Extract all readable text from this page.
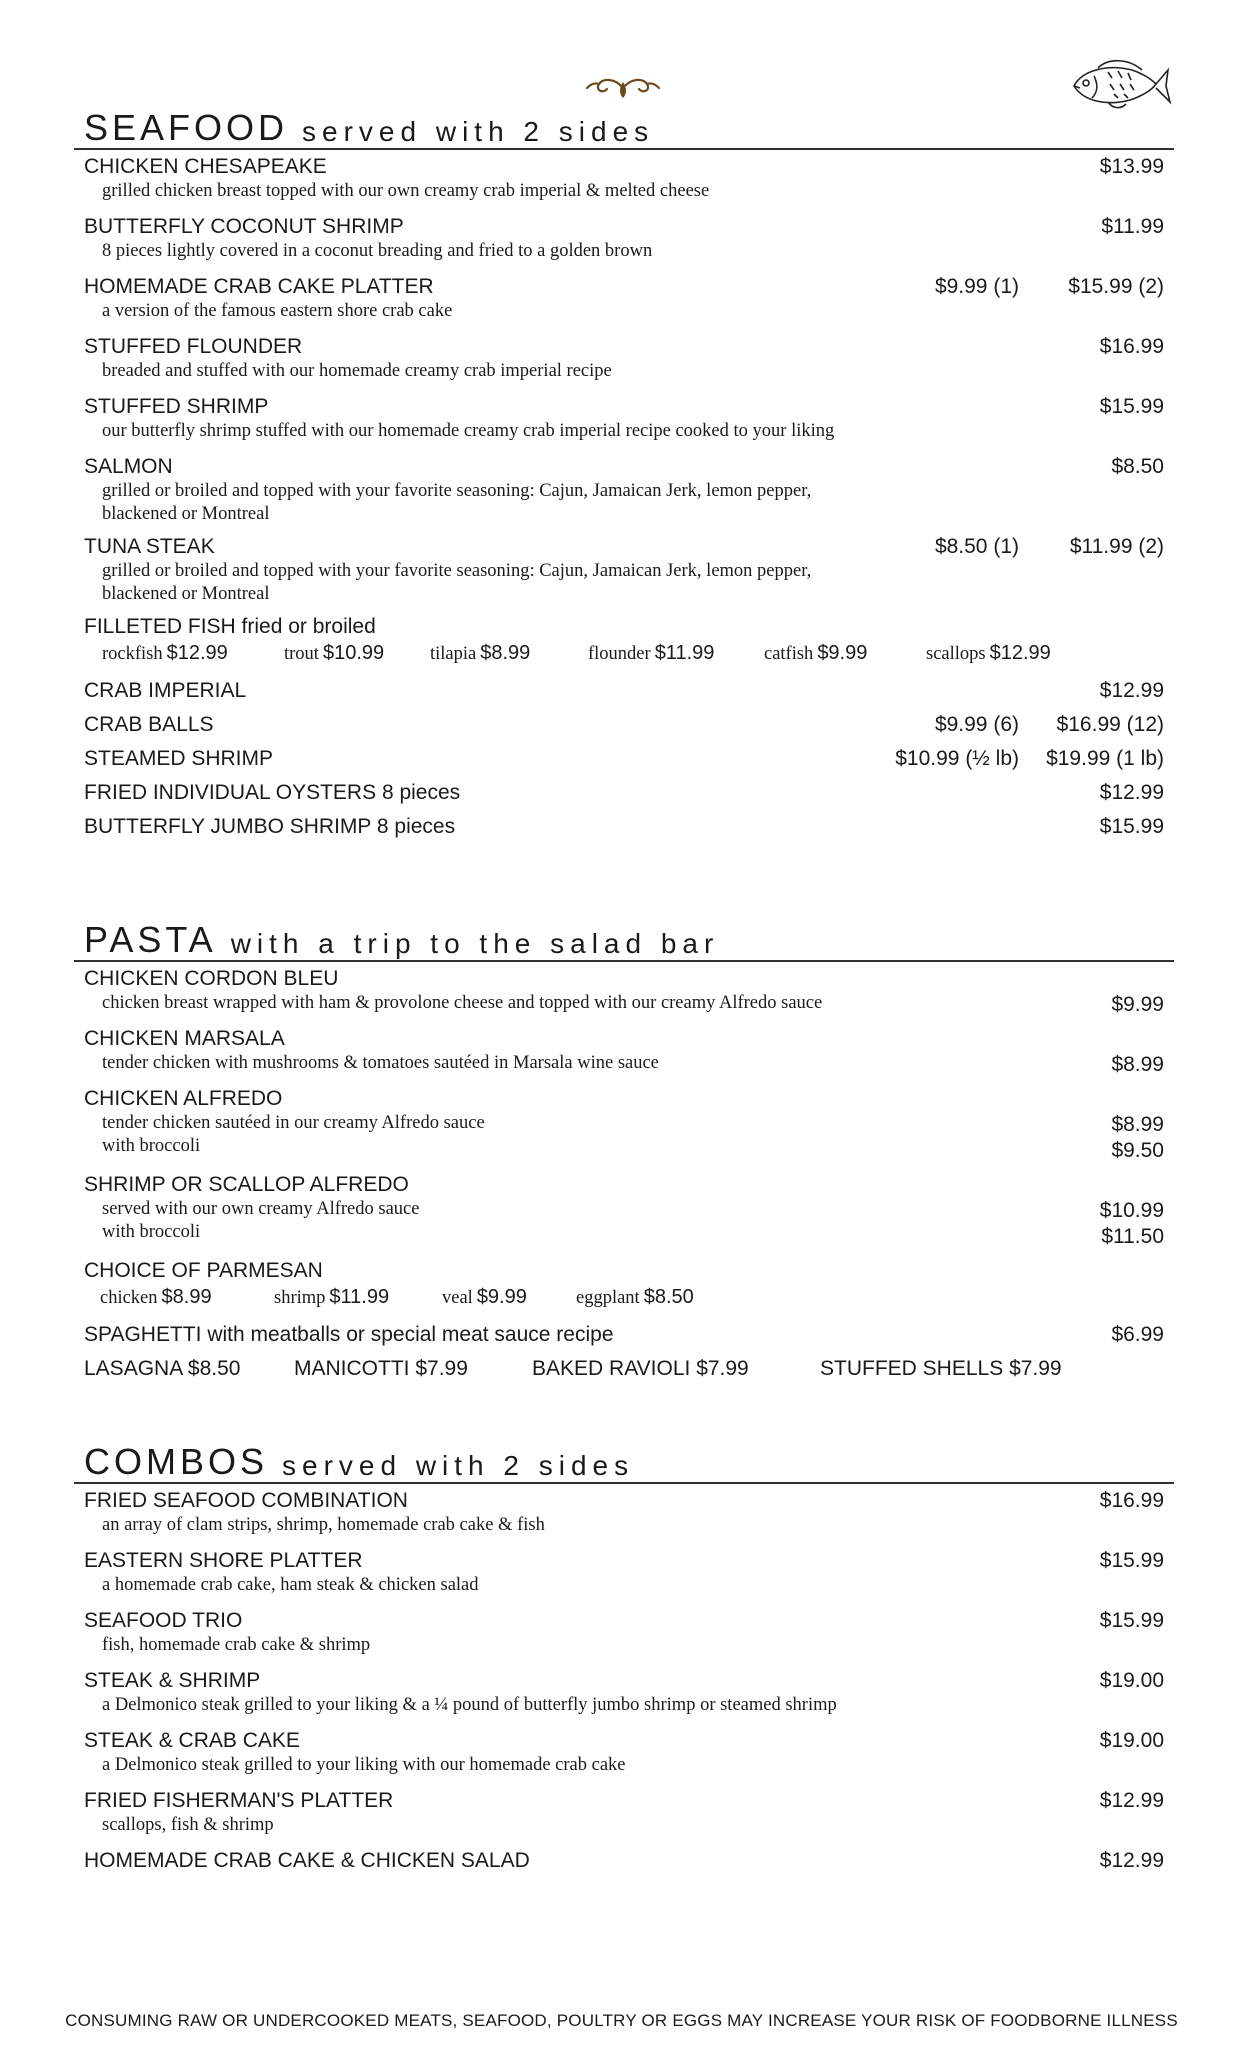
SEAFOOD served with 2 sides
CHICKEN CHESAPEAKE
grilled chicken breast topped with our own creamy crab imperial & melted cheese
$13.99
BUTTERFLY COCONUT SHRIMP
8 pieces lightly covered in a coconut breading and fried to a golden brown
$11.99
HOMEMADE CRAB CAKE PLATTER
a version of the famous eastern shore crab cake
$9.99 (1) $15.99 (2)
STUFFED FLOUNDER
breaded and stuffed with our homemade creamy crab imperial recipe
$16.99
STUFFED SHRIMP
our butterfly shrimp stuffed with our homemade creamy crab imperial recipe cooked to your liking
$15.99
SALMON
grilled or broiled and topped with your favorite seasoning: Cajun, Jamaican Jerk, lemon pepper,
blackened or Montreal
$8.50
TUNA STEAK
grilled or broiled and topped with your favorite seasoning: Cajun, Jamaican Jerk, lemon pepper,
blackened or Montreal
$8.50 (1) $11.99 (2)
FILLETED FISH fried or broiled
rockfish $12.99	trout $10.99 tilapia $8.99	flounder $11.99	catfish $9.99	scallops $12.99
CRAB IMPERIAL	$12.99
CRAB BALLS	$9.99 (6) $16.99 (12)
STEAMED SHRIMP	$10.99 (½ lb) $19.99 (1 lb)
FRIED INDIVIDUAL OYSTERS 8 pieces	$12.99
BUTTERFLY JUMBO SHRIMP 8 pieces	$15.99
PASTA with a trip to the salad bar
CHICKEN CORDON BLEU
chicken breast wrapped with ham & provolone cheese and topped with our creamy Alfredo sauce	$9.99
CHICKEN MARSALA
tender chicken with mushrooms & tomatoes sautéed in Marsala wine sauce	$8.99
CHICKEN ALFREDO
tender chicken sautéed in our creamy Alfredo sauce
with broccoli
$8.99
$9.50
SHRIMP OR SCALLOP ALFREDO
served with our own creamy Alfredo sauce
with broccoli
$10.99
$11.50
CHOICE OF PARMESAN
chicken $8.99	shrimp $11.99	veal $9.99	eggplant $8.50
SPAGHETTI with meatballs or special meat sauce recipe	$6.99
LASAGNA $8.50	MANICOTTI $7.99	BAKED RAVIOLI $7.99	STUFFED SHELLS $7.99
COMBOS served with 2 sides
FRIED SEAFOOD COMBINATION
an array of clam strips, shrimp, homemade crab cake & fish
$16.99
EASTERN SHORE PLATTER
a homemade crab cake, ham steak & chicken salad
$15.99
SEAFOOD TRIO
fish, homemade crab cake & shrimp
$15.99
STEAK & SHRIMP
a Delmonico steak grilled to your liking & a ¼ pound of butterfly jumbo shrimp or steamed shrimp
$19.00
STEAK & CRAB CAKE
a Delmonico steak grilled to your liking with our homemade crab cake
$19.00
FRIED FISHERMAN'S PLATTER
scallops, fish & shrimp
$12.99
HOMEMADE CRAB CAKE & CHICKEN SALAD	$12.99
CONSUMING RAW OR UNDERCOOKED MEATS, SEAFOOD, POULTRY OR EGGS MAY INCREASE YOUR RISK OF FOODBORNE ILLNESS
